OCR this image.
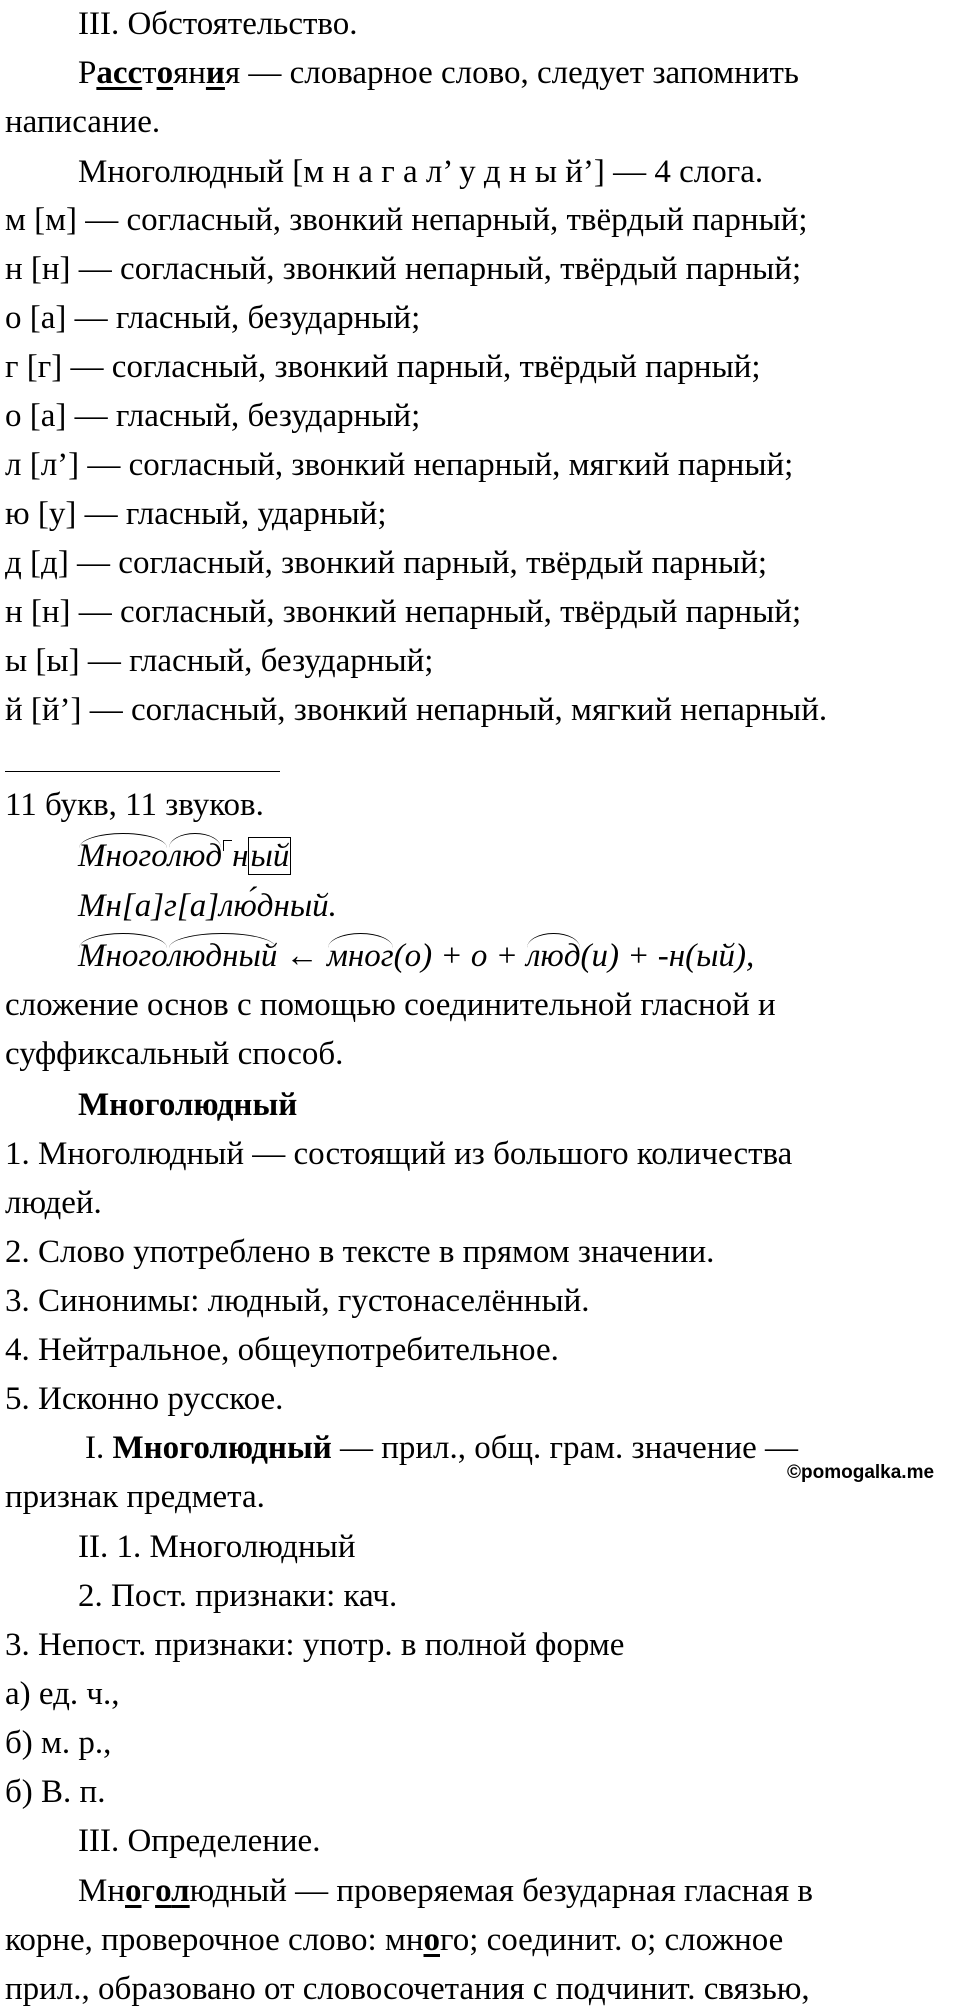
III. Обстоятельство.
Расстояния — словарное слово, следует запомнить
написание.
Многолюдный [м н а г а л’ у д н ы й’] — 4 слога.
м [м] — согласный, звонкий непарный, твёрдый парный;
н [н] — согласный, звонкий непарный, твёрдый парный;
о [а] — гласный, безударный;
г [г] — согласный, звонкий парный, твёрдый парный;
о [а] — гласный, безударный;
л [л’] — согласный, звонкий непарный, мягкий парный;
ю [у] — гласный, ударный;
д [д] — согласный, звонкий парный, твёрдый парный;
н [н] — согласный, звонкий непарный, твёрдый парный;
ы [ы] — гласный, безударный;
й [й’] — согласный, звонкий непарный, мягкий непарный.
11 букв, 11 звуков.
Многолюд ный
Мн[а]г[а]лю́дный.
Многолюдный ← мног(о) + о + люд(и) + -н(ый),
сложение основ с помощью соединительной гласной и
суффиксальный способ.
Многолюдный
1. Многолюдный — состоящий из большого количества
людей.
2. Слово употреблено в тексте в прямом значении.
3. Синонимы: людный, густонаселённый.
4. Нейтральное, общеупотребительное.
5. Исконно русское.
I. Многолюдный — прил., общ. грам. значение —
признак предмета.
©pomogalka.me
II. 1. Многолюдный
2. Пост. признаки: кач.
3. Непост. признаки: употр. в полной форме
а) ед. ч.,
б) м. р.,
б) В. п.
III. Определение.
Многолюдный — проверяемая безударная гласная в
корне, проверочное слово: много; соединит. о; сложное
прил., образовано от словосочетания с подчинит. связью,
